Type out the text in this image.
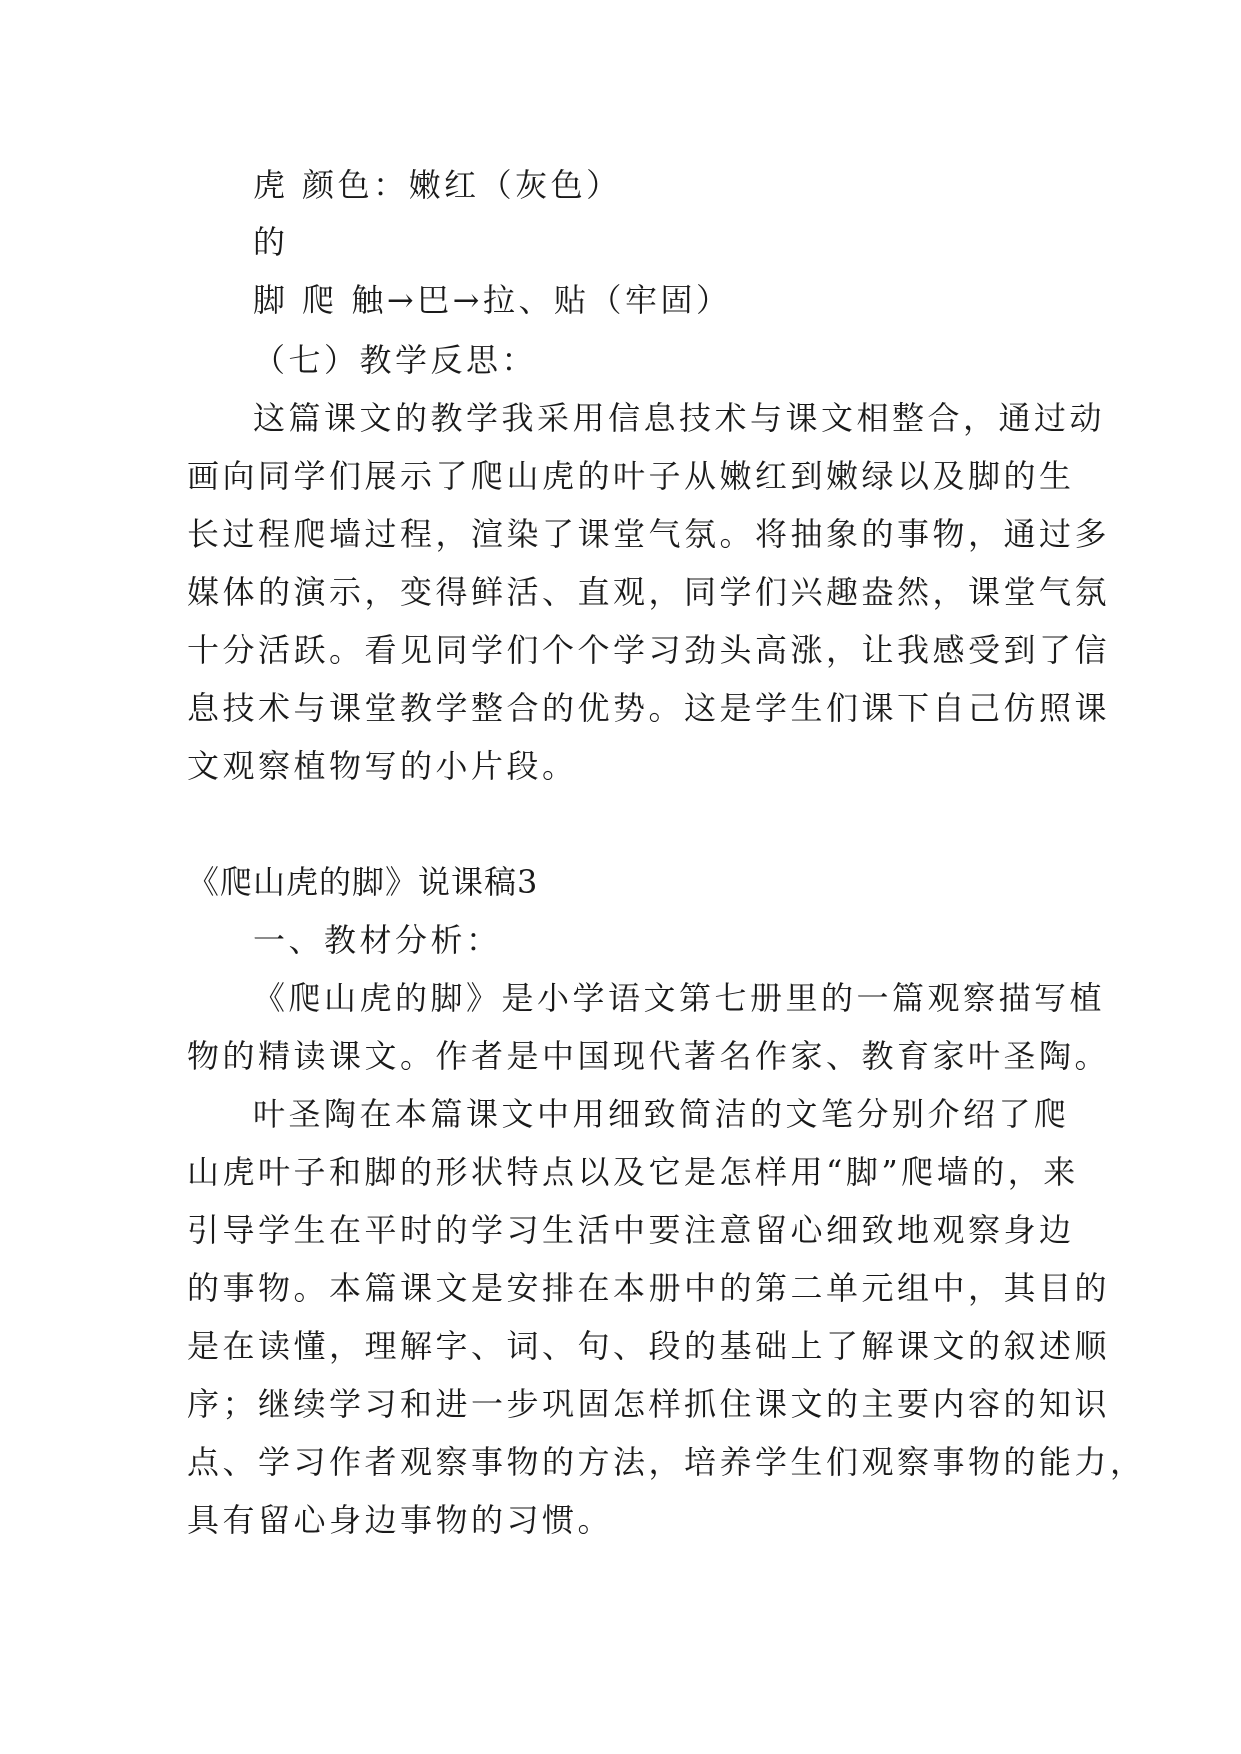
虎 颜色：嫩红（灰色）
的
脚 爬 触→巴→拉、贴（牢固）
（七）教学反思：
这篇课文的教学我采用信息技术与课文相整合，通过动
画向同学们展示了爬山虎的叶子从嫩红到嫩绿以及脚的生
长过程爬墙过程，渲染了课堂气氛。将抽象的事物，通过多
媒体的演示，变得鲜活、直观，同学们兴趣盎然，课堂气氛
十分活跃。看见同学们个个学习劲头高涨，让我感受到了信
息技术与课堂教学整合的优势。这是学生们课下自己仿照课
文观察植物写的小片段。
《爬山虎的脚》说课稿3
一、教材分析：
《爬山虎的脚》是小学语文第七册里的一篇观察描写植
物的精读课文。作者是中国现代著名作家、教育家叶圣陶。
叶圣陶在本篇课文中用细致简洁的文笔分别介绍了爬
山虎叶子和脚的形状特点以及它是怎样用“脚”爬墙的，来
引导学生在平时的学习生活中要注意留心细致地观察身边
的事物。本篇课文是安排在本册中的第二单元组中，其目的
是在读懂，理解字、词、句、段的基础上了解课文的叙述顺
序；继续学习和进一步巩固怎样抓住课文的主要内容的知识
点、学习作者观察事物的方法，培养学生们观察事物的能力，
具有留心身边事物的习惯。
